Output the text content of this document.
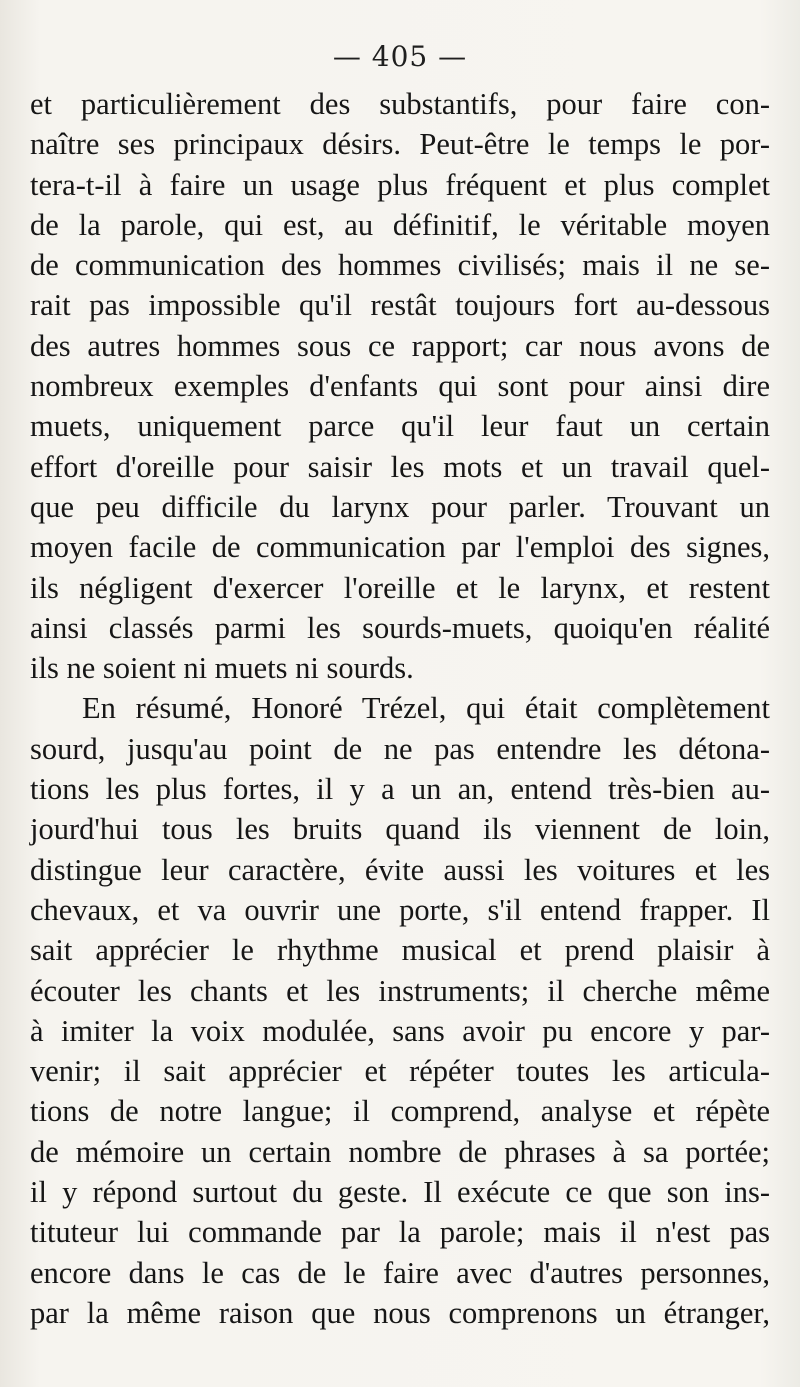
— 405 —
et particulièrement des substantifs, pour faire con-
naître ses principaux désirs. Peut-être le temps le por-
tera-t-il à faire un usage plus fréquent et plus complet
de la parole, qui est, au définitif, le véritable moyen
de communication des hommes civilisés; mais il ne se-
rait pas impossible qu'il restât toujours fort au-dessous
des autres hommes sous ce rapport; car nous avons de
nombreux exemples d'enfants qui sont pour ainsi dire
muets, uniquement parce qu'il leur faut un certain
effort d'oreille pour saisir les mots et un travail quel-
que peu difficile du larynx pour parler. Trouvant un
moyen facile de communication par l'emploi des signes,
ils négligent d'exercer l'oreille et le larynx, et restent
ainsi classés parmi les sourds-muets, quoiqu'en réalité
ils ne soient ni muets ni sourds.
En résumé, Honoré Trézel, qui était complètement
sourd, jusqu'au point de ne pas entendre les détona-
tions les plus fortes, il y a un an, entend très-bien au-
jourd'hui tous les bruits quand ils viennent de loin,
distingue leur caractère, évite aussi les voitures et les
chevaux, et va ouvrir une porte, s'il entend frapper. Il
sait apprécier le rhythme musical et prend plaisir à
écouter les chants et les instruments; il cherche même
à imiter la voix modulée, sans avoir pu encore y par-
venir; il sait apprécier et répéter toutes les articula-
tions de notre langue; il comprend, analyse et répète
de mémoire un certain nombre de phrases à sa portée;
il y répond surtout du geste. Il exécute ce que son ins-
tituteur lui commande par la parole; mais il n'est pas
encore dans le cas de le faire avec d'autres personnes,
par la même raison que nous comprenons un étranger,
